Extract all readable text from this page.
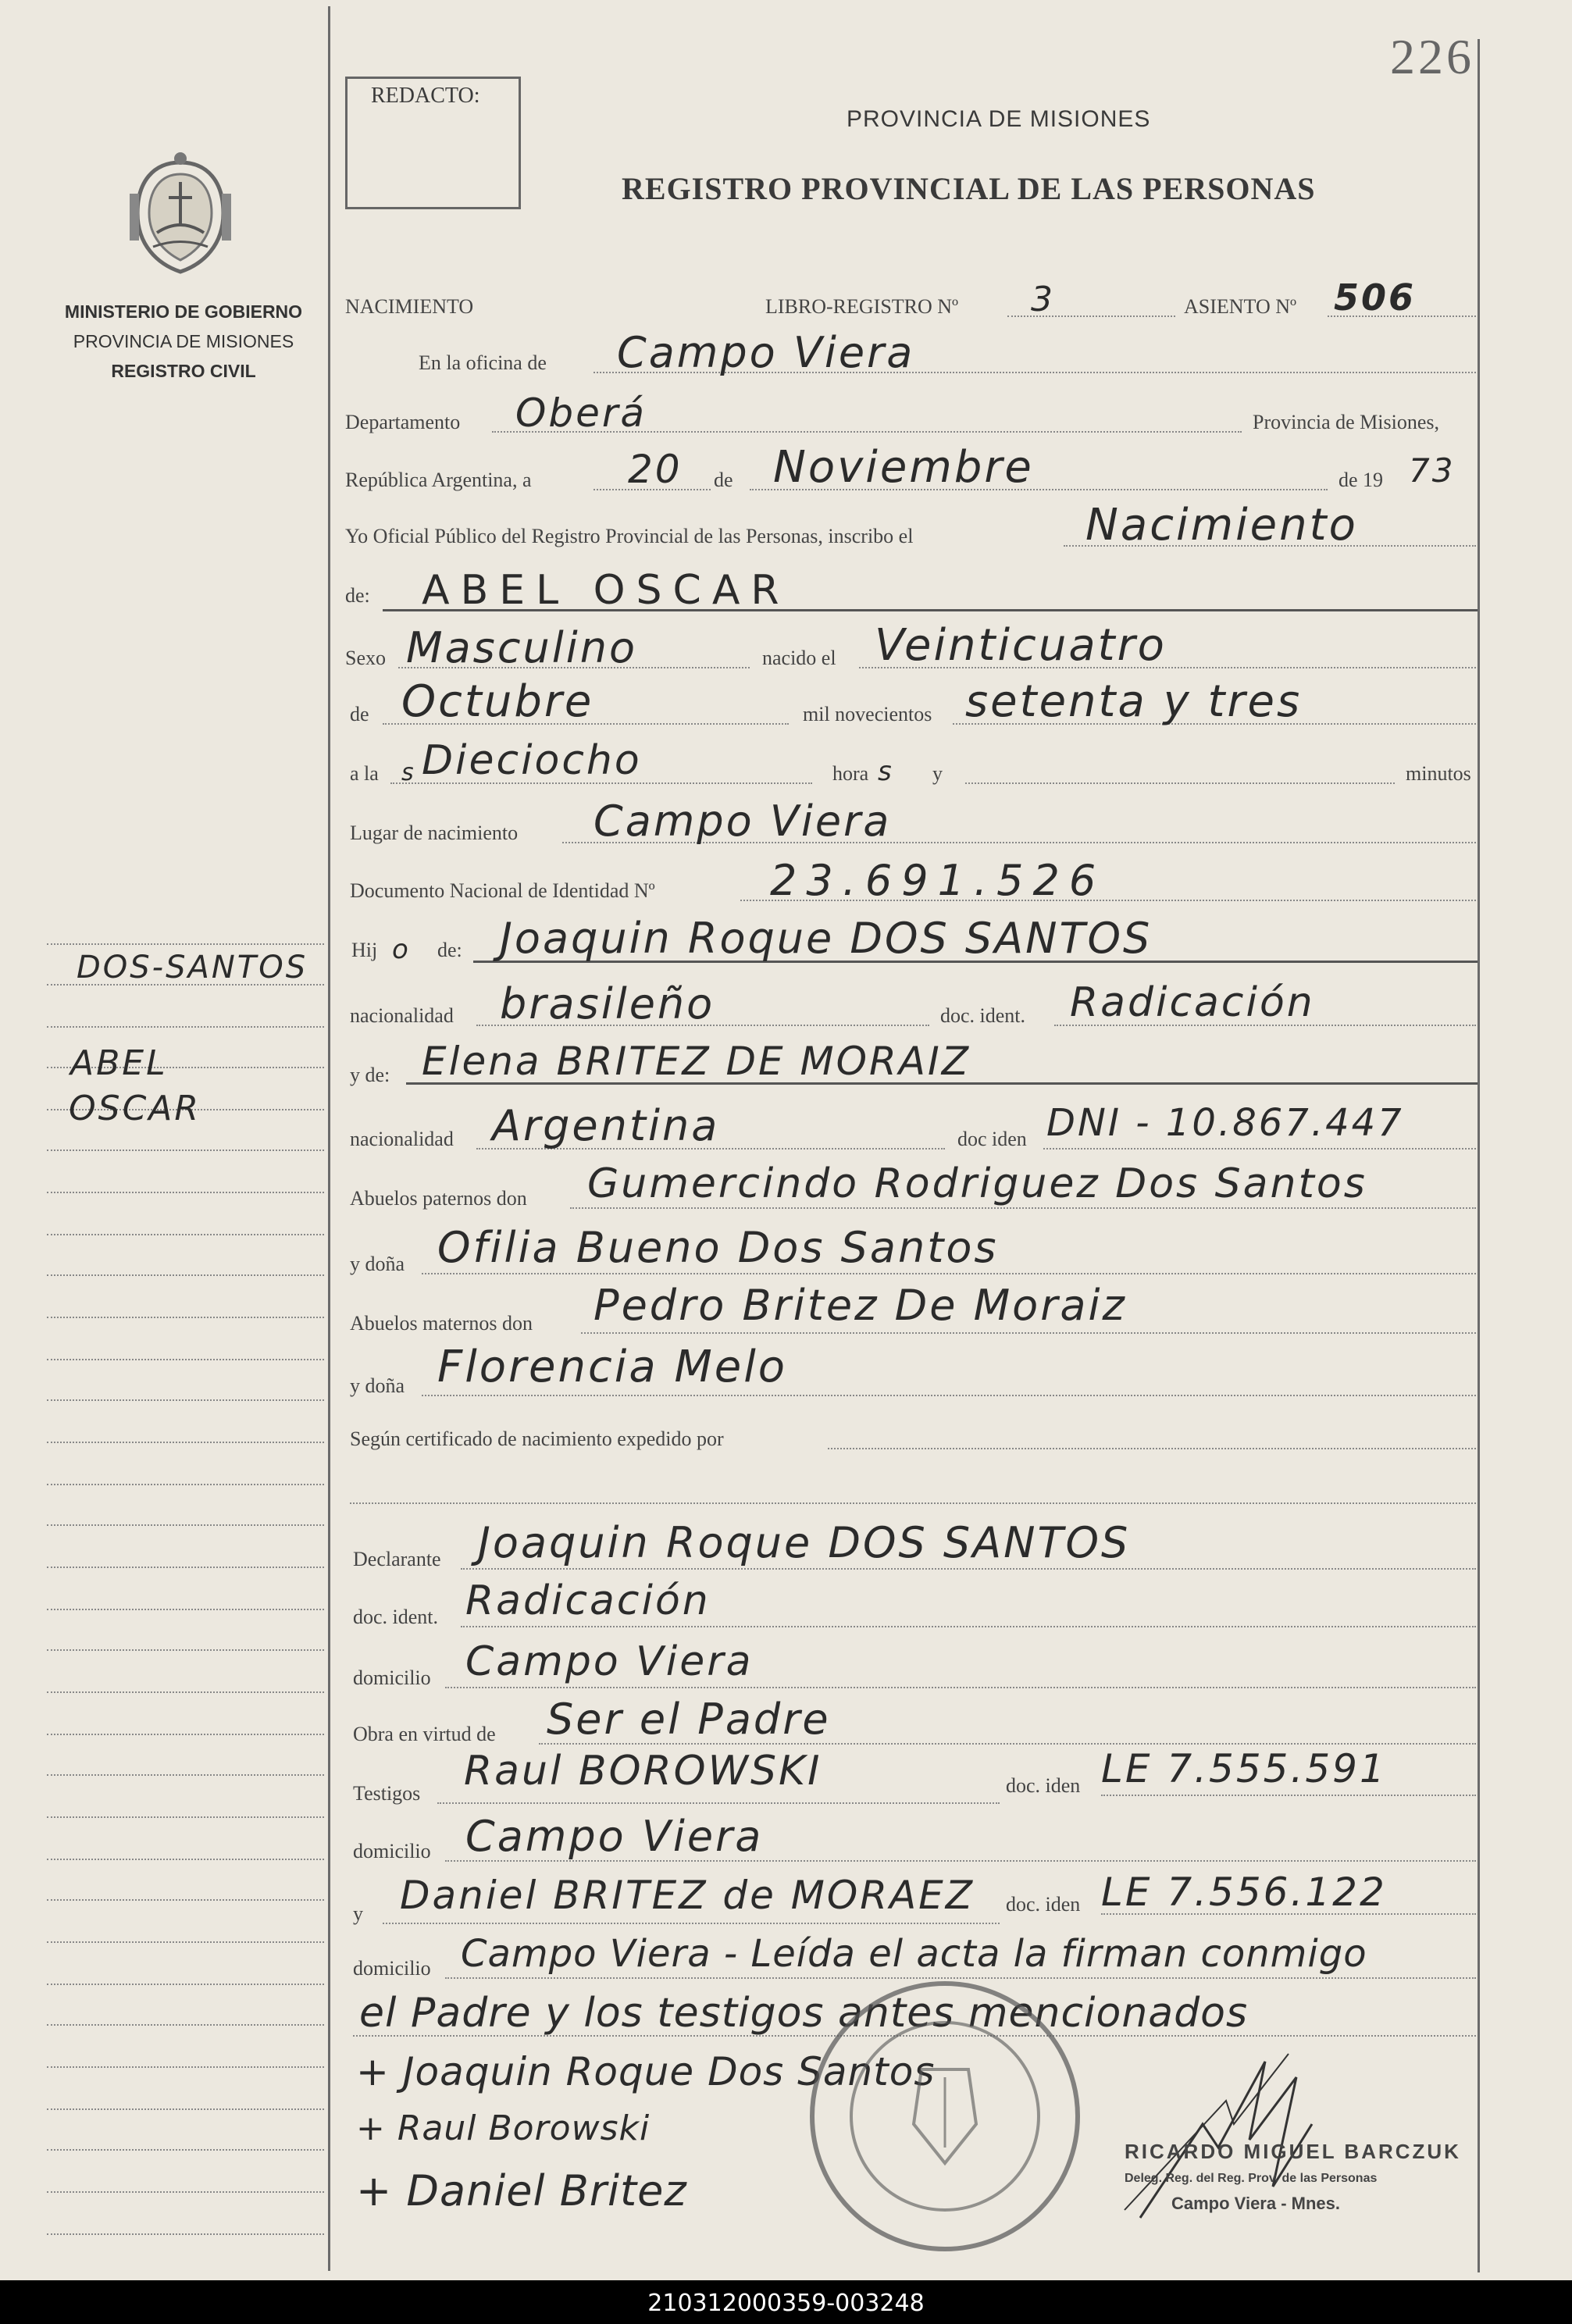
226
REDACTO:
PROVINCIA DE MISIONES
REGISTRO PROVINCIAL DE LAS PERSONAS
MINISTERIO DE GOBIERNO
PROVINCIA DE MISIONES
REGISTRO CIVIL
DOS-SANTOS
ABEL
OSCAR
NACIMIENTO	LIBRO-REGISTRO Nº 3	ASIENTO Nº 506
En la oficina de Campo Viera
Departamento Oberá	Provincia de Misiones,
República Argentina, a 20 de Noviembre	de 19 73
Yo Oficial Público del Registro Provincial de las Personas, inscribo el	Nacimiento
de: ABEL OSCAR
Sexo Masculino	nacido el Veinticuatro
de Octubre	mil novecientos setenta y tres
a la s Dieciocho	hora s y	minutos
Lugar de nacimiento Campo Viera
Documento Nacional de Identidad Nº	23.691.526
Hij o de: Joaquin Roque DOS SANTOS
nacionalidad brasileño	doc. ident. Radicación
y de: Elena BRITEZ DE MORAIZ
nacionalidad Argentina	doc iden DNI - 10.867.447
Abuelos paternos don Gumercindo Rodriguez Dos Santos
y doña Ofilia Bueno Dos Santos
Abuelos maternos don Pedro Britez De Moraiz
y doña Florencia Melo
Según certificado de nacimiento expedido por
Declarante Joaquin Roque DOS SANTOS
doc. ident. Radicación
domicilio Campo Viera
Obra en virtud de Ser el Padre
Testigos Raul BOROWSKI	doc. iden LE 7.555.591
domicilio Campo Viera
y Daniel BRITEZ de MORAEZ doc. iden LE 7.556.122
domicilio Campo Viera - Leída el acta la firman conmigo
el Padre y los testigos antes mencionados
+ Joaquin Roque Dos Santos
+ Raul Borowski
+ Daniel Britez
RICARDO MIGUEL BARCZUK
Deleg. Reg. del Reg. Prov. de las Personas
Campo Viera - Mnes.
210312000359-003248
